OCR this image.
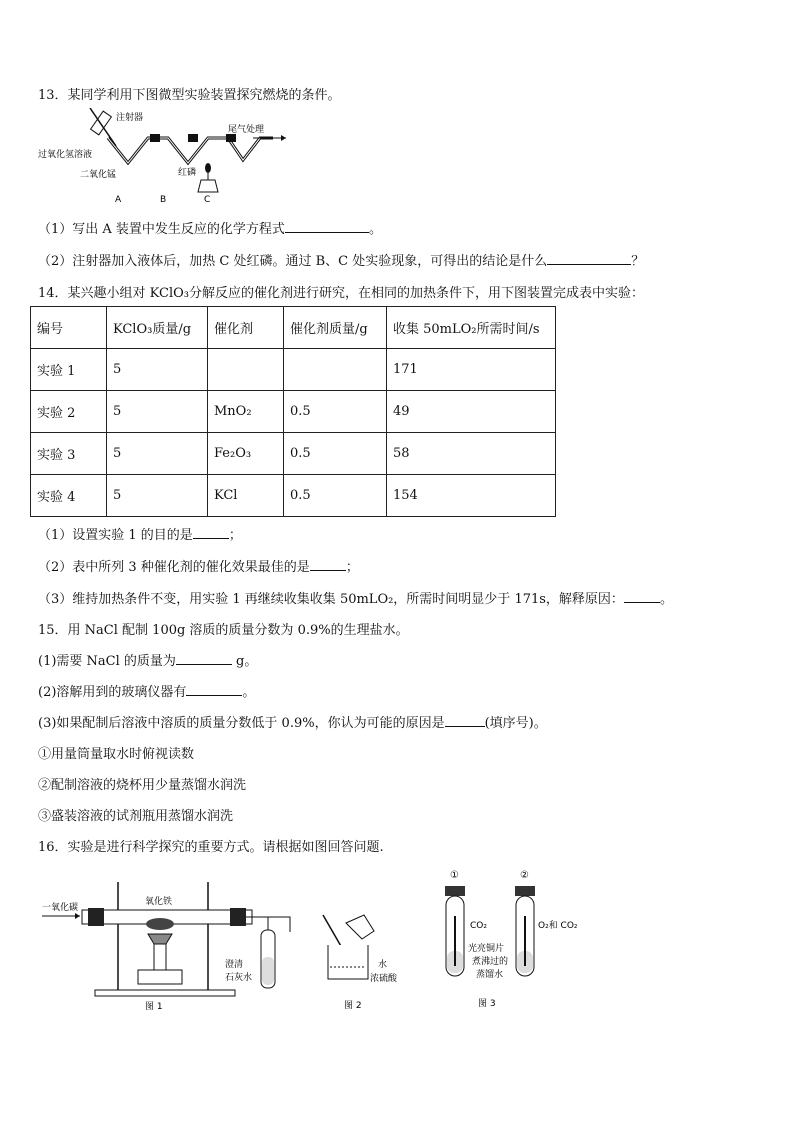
13．某同学利用下图微型实验装置探究燃烧的条件。
注射器
尾气处理
过氧化氢溶液
二氧化锰	红磷
A	B	C
（1）写出 A 装置中发生反应的化学方程式	。
（2）注射器加入液体后，加热 C 处红磷。通过 B、C 处实验现象，可得出的结论是什么	？
14．某兴趣小组对 KClO₃分解反应的催化剂进行研究，在相同的加热条件下，用下图装置完成表中实验：
编号	KClO₃质量/g	催化剂	催化剂质量/g	收集 50mLO₂所需时间/s
实验 1	5			171
实验 2	5	MnO₂	0.5	49
实验 3	5	Fe₂O₃	0.5	58
实验 4	5	KCl	0.5	154
（1）设置实验 1 的目的是	；
（2）表中所列 3 种催化剂的催化效果最佳的是	；
（3）维持加热条件不变，用实验 1 再继续收集收集 50mLO₂，所需时间明显少于 171s，解释原因：	。
15．用 NaCl 配制 100g 溶质的质量分数为 0.9%的生理盐水。
(1)需要 NaCl 的质量为	g。
(2)溶解用到的玻璃仪器有	。
(3)如果配制后溶液中溶质的质量分数低于 0.9%，你认为可能的原因是	(填序号)。
①用量筒量取水时俯视读数
②配制溶液的烧杯用少量蒸馏水润洗
③盛装溶液的试剂瓶用蒸馏水润洗
16．实验是进行科学探究的重要方式。请根据如图回答问题.
一氧化碳
氧化铁
澄清
石灰水
图 1
水
浓硫酸
图 2
①	②
CO₂	O₂和 CO₂
光亮铜片
煮沸过的
蒸馏水
图 3
